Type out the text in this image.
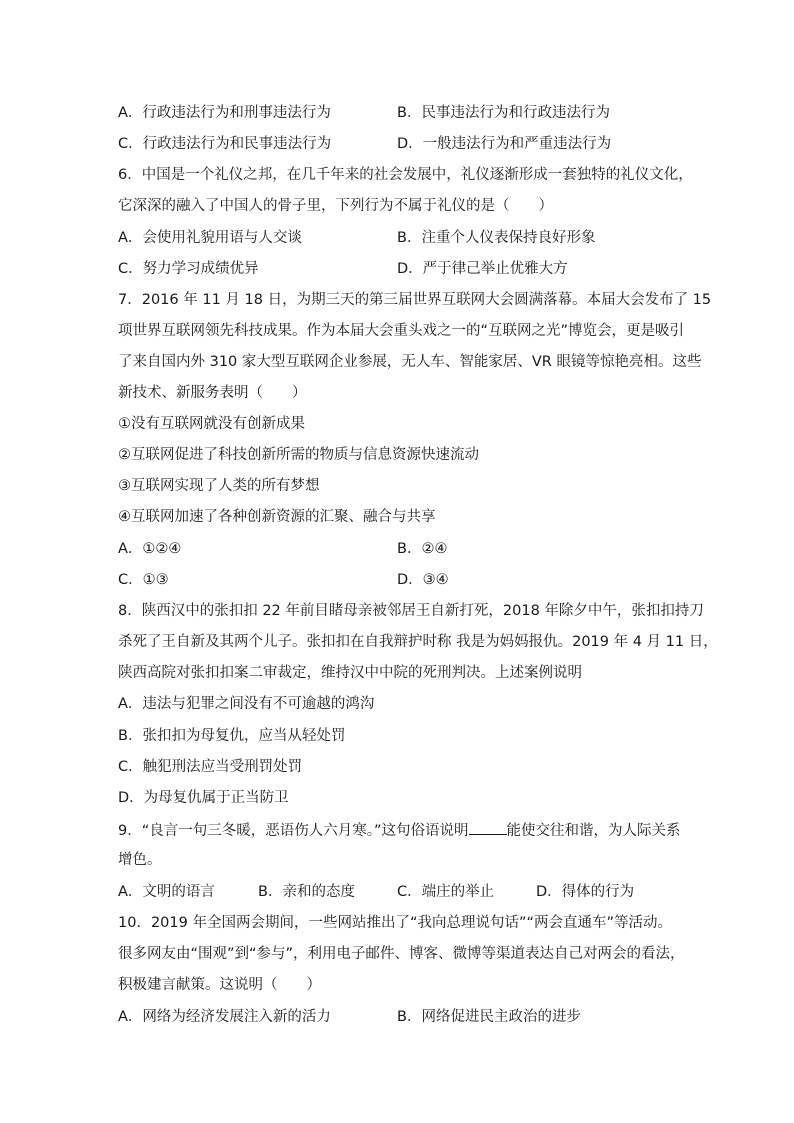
A．行政违法行为和刑事违法行为	B．民事违法行为和行政违法行为
C．行政违法行为和民事违法行为	D．一般违法行为和严重违法行为
6．中国是一个礼仪之邦，在几千年来的社会发展中，礼仪逐渐形成一套独特的礼仪文化，
它深深的融入了中国人的骨子里，下列行为不属于礼仪的是（　　）
A．会使用礼貌用语与人交谈	B．注重个人仪表保持良好形象
C．努力学习成绩优异	D．严于律己举止优雅大方
7．2016 年 11 月 18 日，为期三天的第三届世界互联网大会圆满落幕。本届大会发布了 15
项世界互联网领先科技成果。作为本届大会重头戏之一的“互联网之光”博览会，更是吸引
了来自国内外 310 家大型互联网企业参展，无人车、智能家居、VR 眼镜等惊艳亮相。这些
新技术、新服务表明（　　）
①没有互联网就没有创新成果
②互联网促进了科技创新所需的物质与信息资源快速流动
③互联网实现了人类的所有梦想
④互联网加速了各种创新资源的汇聚、融合与共享
A．①②④	B．②④
C．①③	D．③④
8．陕西汉中的张扣扣 22 年前目睹母亲被邻居王自新打死，2018 年除夕中午，张扣扣持刀
杀死了王自新及其两个儿子。张扣扣在自我辩护时称 我是为妈妈报仇。2019 年 4 月 11 日，
陕西高院对张扣扣案二审裁定，维持汉中中院的死刑判决。上述案例说明
A．违法与犯罪之间没有不可逾越的鸿沟
B．张扣扣为母复仇，应当从轻处罚
C．触犯刑法应当受刑罚处罚
D．为母复仇属于正当防卫
9．“良言一句三冬暖，恶语伤人六月寒。”这句俗语说明	能使交往和谐，为人际关系
增色。
A．文明的语言	B．亲和的态度	C．端庄的举止	D．得体的行为
10．2019 年全国两会期间，一些网站推出了“我向总理说句话”“两会直通车”等活动。
很多网友由“围观”到“参与”，利用电子邮件、博客、微博等渠道表达自己对两会的看法，
积极建言献策。这说明（　　）
A．网络为经济发展注入新的活力	B．网络促进民主政治的进步
